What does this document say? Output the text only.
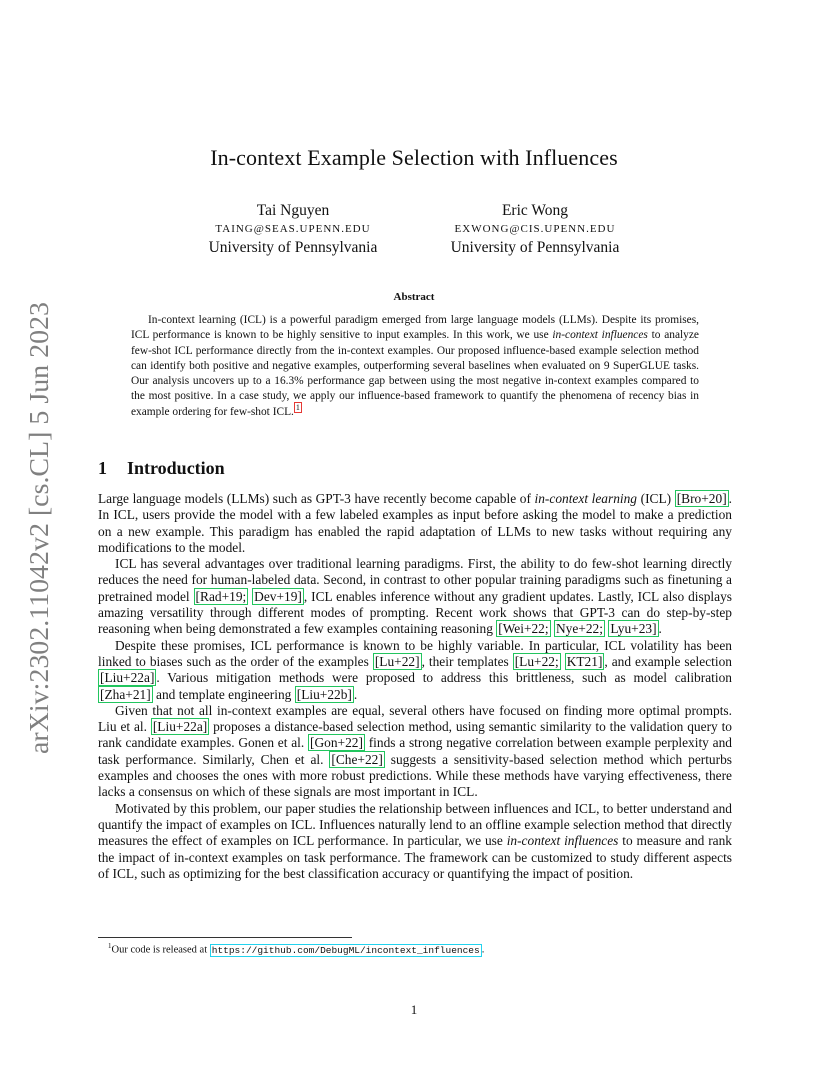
arXiv:2302.11042v2 [cs.CL] 5 Jun 2023
In-context Example Selection with Influences
Tai Nguyen
TAING@SEAS.UPENN.EDU
University of Pennsylvania
Eric Wong
EXWONG@CIS.UPENN.EDU
University of Pennsylvania
Abstract

In-context learning (ICL) is a powerful paradigm emerged from large language models (LLMs). Despite its promises, ICL performance is known to be highly sensitive to input examples. In this work, we use in-context influences to analyze few-shot ICL performance directly from the in-context examples. Our proposed influence-based example selection method can identify both positive and negative examples, outperforming several baselines when evaluated on 9 SuperGLUE tasks. Our analysis uncovers up to a 16.3% performance gap between using the most negative in-context examples compared to the most positive. In a case study, we apply our influence-based framework to quantify the phenomena of recency bias in example ordering for few-shot ICL. $^1$

1 Introduction

Large language models (LLMs) such as GPT-3 have recently become capable of in-context learning (ICL) [Bro+20] . In ICL, users provide the model with a few labeled examples as input before asking the model to make a prediction on a new example. This paradigm has enabled the rapid adaptation of LLMs to new tasks without requiring any modifications to the model.

ICL has several advantages over traditional learning paradigms. First, the ability to do few-shot learning directly reduces the need for human-labeled data. Second, in contrast to other popular training paradigms such as finetuning a pretrained model [Rad+19; Dev+19] , ICL enables inference without any gradient updates. Lastly, ICL also displays amazing versatility through different modes of prompting. Recent work shows that GPT-3 can do step-by-step reasoning when being demonstrated a few examples containing reasoning [Wei+22; Nye+22; Lyu+23] .

Despite these promises, ICL performance is known to be highly variable. In particular, ICL volatility has been linked to biases such as the order of the examples [Lu+22] , their templates [Lu+22; KT21] , and example selection [Liu+22a] . Various mitigation methods were proposed to address this brittleness, such as model calibration [Zha+21] and template engineering [Liu+22b] .

Given that not all in-context examples are equal, several others have focused on finding more optimal prompts. Liu et al. [Liu+22a] proposes a distance-based selection method, using semantic similarity to the validation query to rank candidate examples. Gonen et al. [Gon+22] finds a strong negative correlation between example perplexity and task performance. Similarly, Chen et al. [Che+22] suggests a sensitivity-based selection method which perturbs examples and chooses the ones with more robust predictions. While these methods have varying effectiveness, there lacks a consensus on which of these signals are most important in ICL.

Motivated by this problem, our paper studies the relationship between influences and ICL, to better understand and quantify the impact of examples on ICL. Influences naturally lend to an offline example selection method that directly measures the effect of examples on ICL performance. In particular, we use in-context influences to measure and rank the impact of in-context examples on task performance. The framework can be customized to study different aspects of ICL, such as optimizing for the best classification accuracy or quantifying the impact of position.

$^1$Our code is released at https://github.com/DebugML/incontext_influences .
1
